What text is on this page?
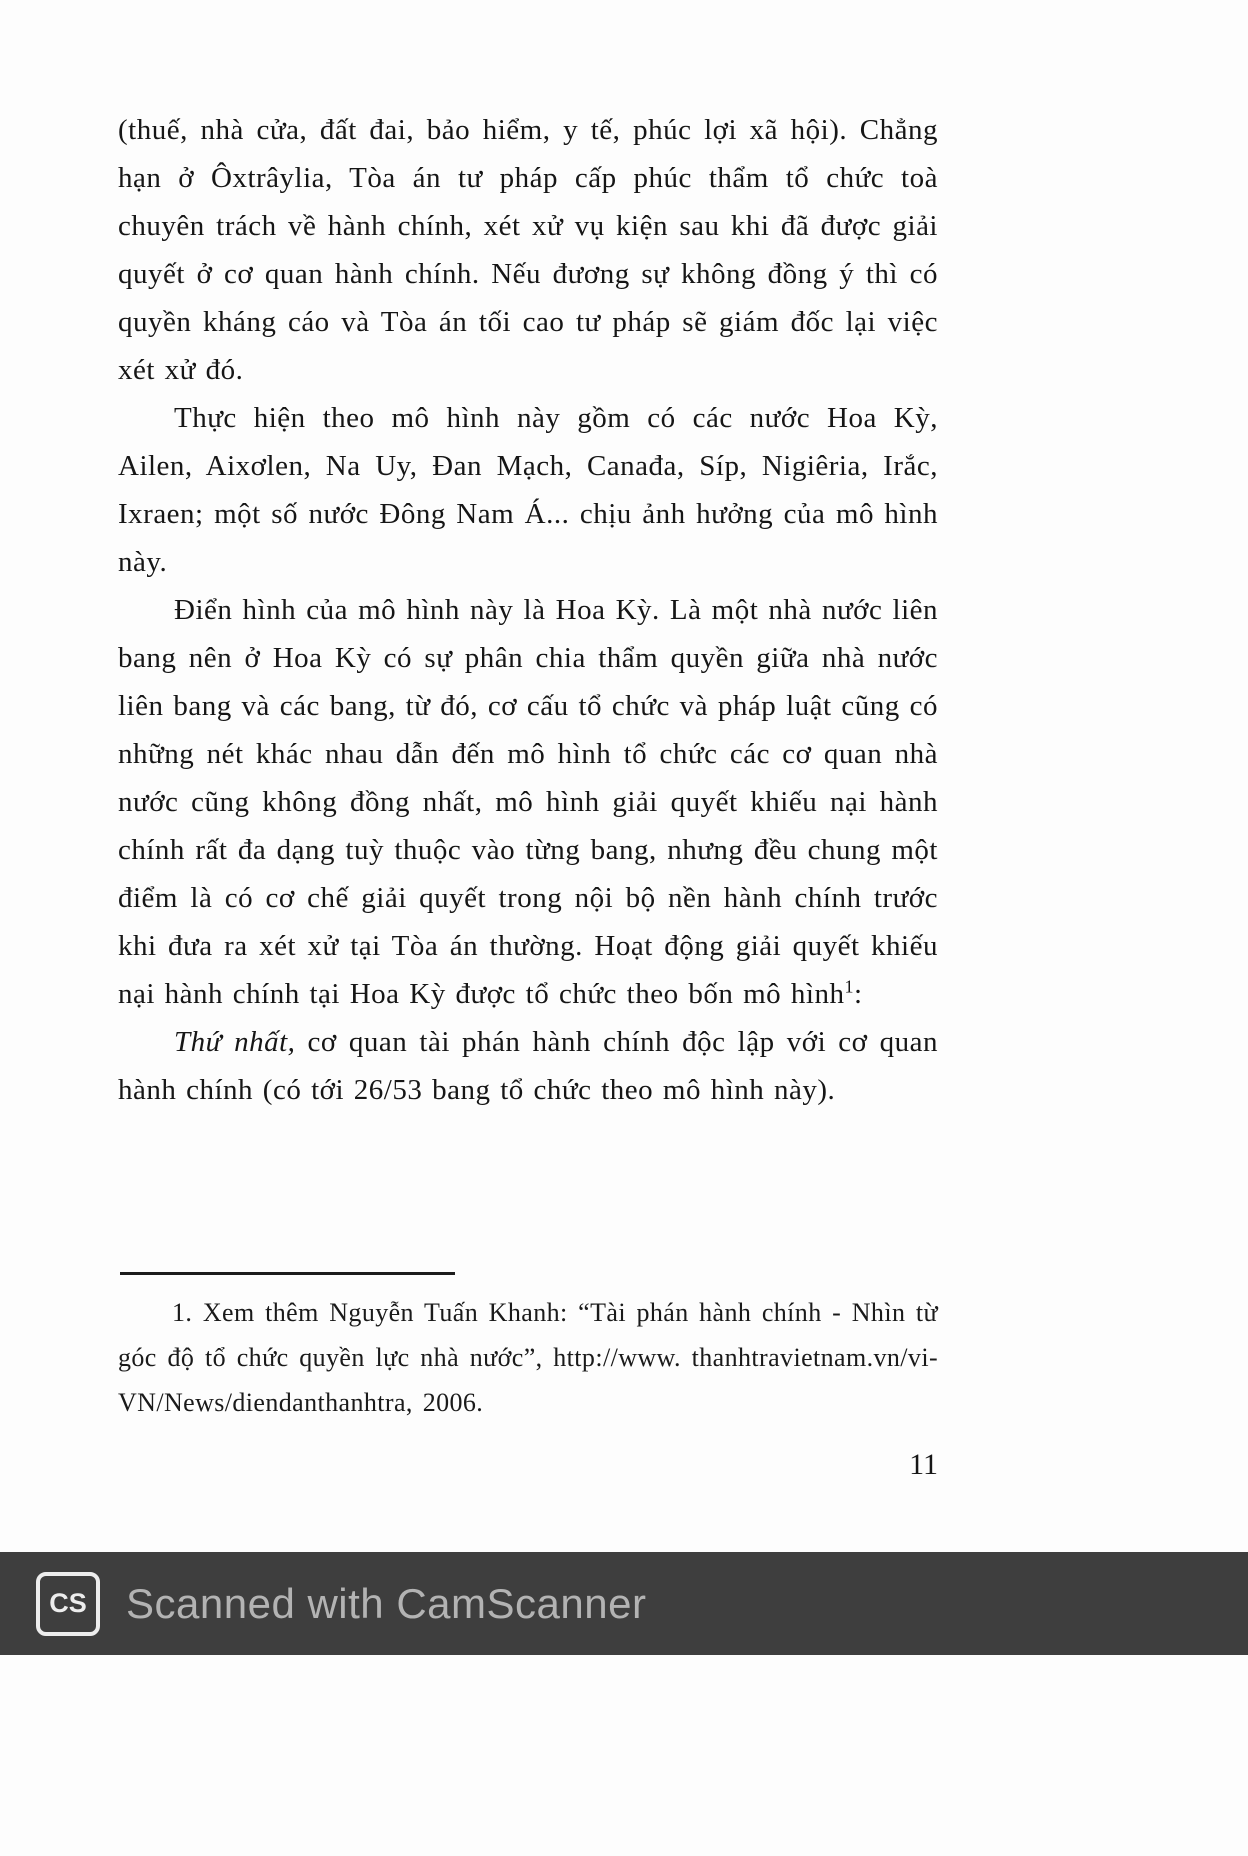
(thuế, nhà cửa, đất đai, bảo hiểm, y tế, phúc lợi xã hội). Chẳng hạn ở Ôxtrâylia, Tòa án tư pháp cấp phúc thẩm tổ chức toà chuyên trách về hành chính, xét xử vụ kiện sau khi đã được giải quyết ở cơ quan hành chính. Nếu đương sự không đồng ý thì có quyền kháng cáo và Tòa án tối cao tư pháp sẽ giám đốc lại việc xét xử đó.

Thực hiện theo mô hình này gồm có các nước Hoa Kỳ, Ailen, Aixơlen, Na Uy, Đan Mạch, Canađa, Síp, Nigiêria, Irắc, Ixraen; một số nước Đông Nam Á... chịu ảnh hưởng của mô hình này.

Điển hình của mô hình này là Hoa Kỳ. Là một nhà nước liên bang nên ở Hoa Kỳ có sự phân chia thẩm quyền giữa nhà nước liên bang và các bang, từ đó, cơ cấu tổ chức và pháp luật cũng có những nét khác nhau dẫn đến mô hình tổ chức các cơ quan nhà nước cũng không đồng nhất, mô hình giải quyết khiếu nại hành chính rất đa dạng tuỳ thuộc vào từng bang, nhưng đều chung một điểm là có cơ chế giải quyết trong nội bộ nền hành chính trước khi đưa ra xét xử tại Tòa án thường. Hoạt động giải quyết khiếu nại hành chính tại Hoa Kỳ được tổ chức theo bốn mô hình$^1$:

Thứ nhất, cơ quan tài phán hành chính độc lập với cơ quan hành chính (có tới 26/53 bang tổ chức theo mô hình này).

1. Xem thêm Nguyễn Tuấn Khanh: “Tài phán hành chính - Nhìn từ góc độ tổ chức quyền lực nhà nước”, http://www. thanhtravietnam.vn/vi-VN/News/diendanthanhtra, 2006.
11
CS Scanned with CamScanner
